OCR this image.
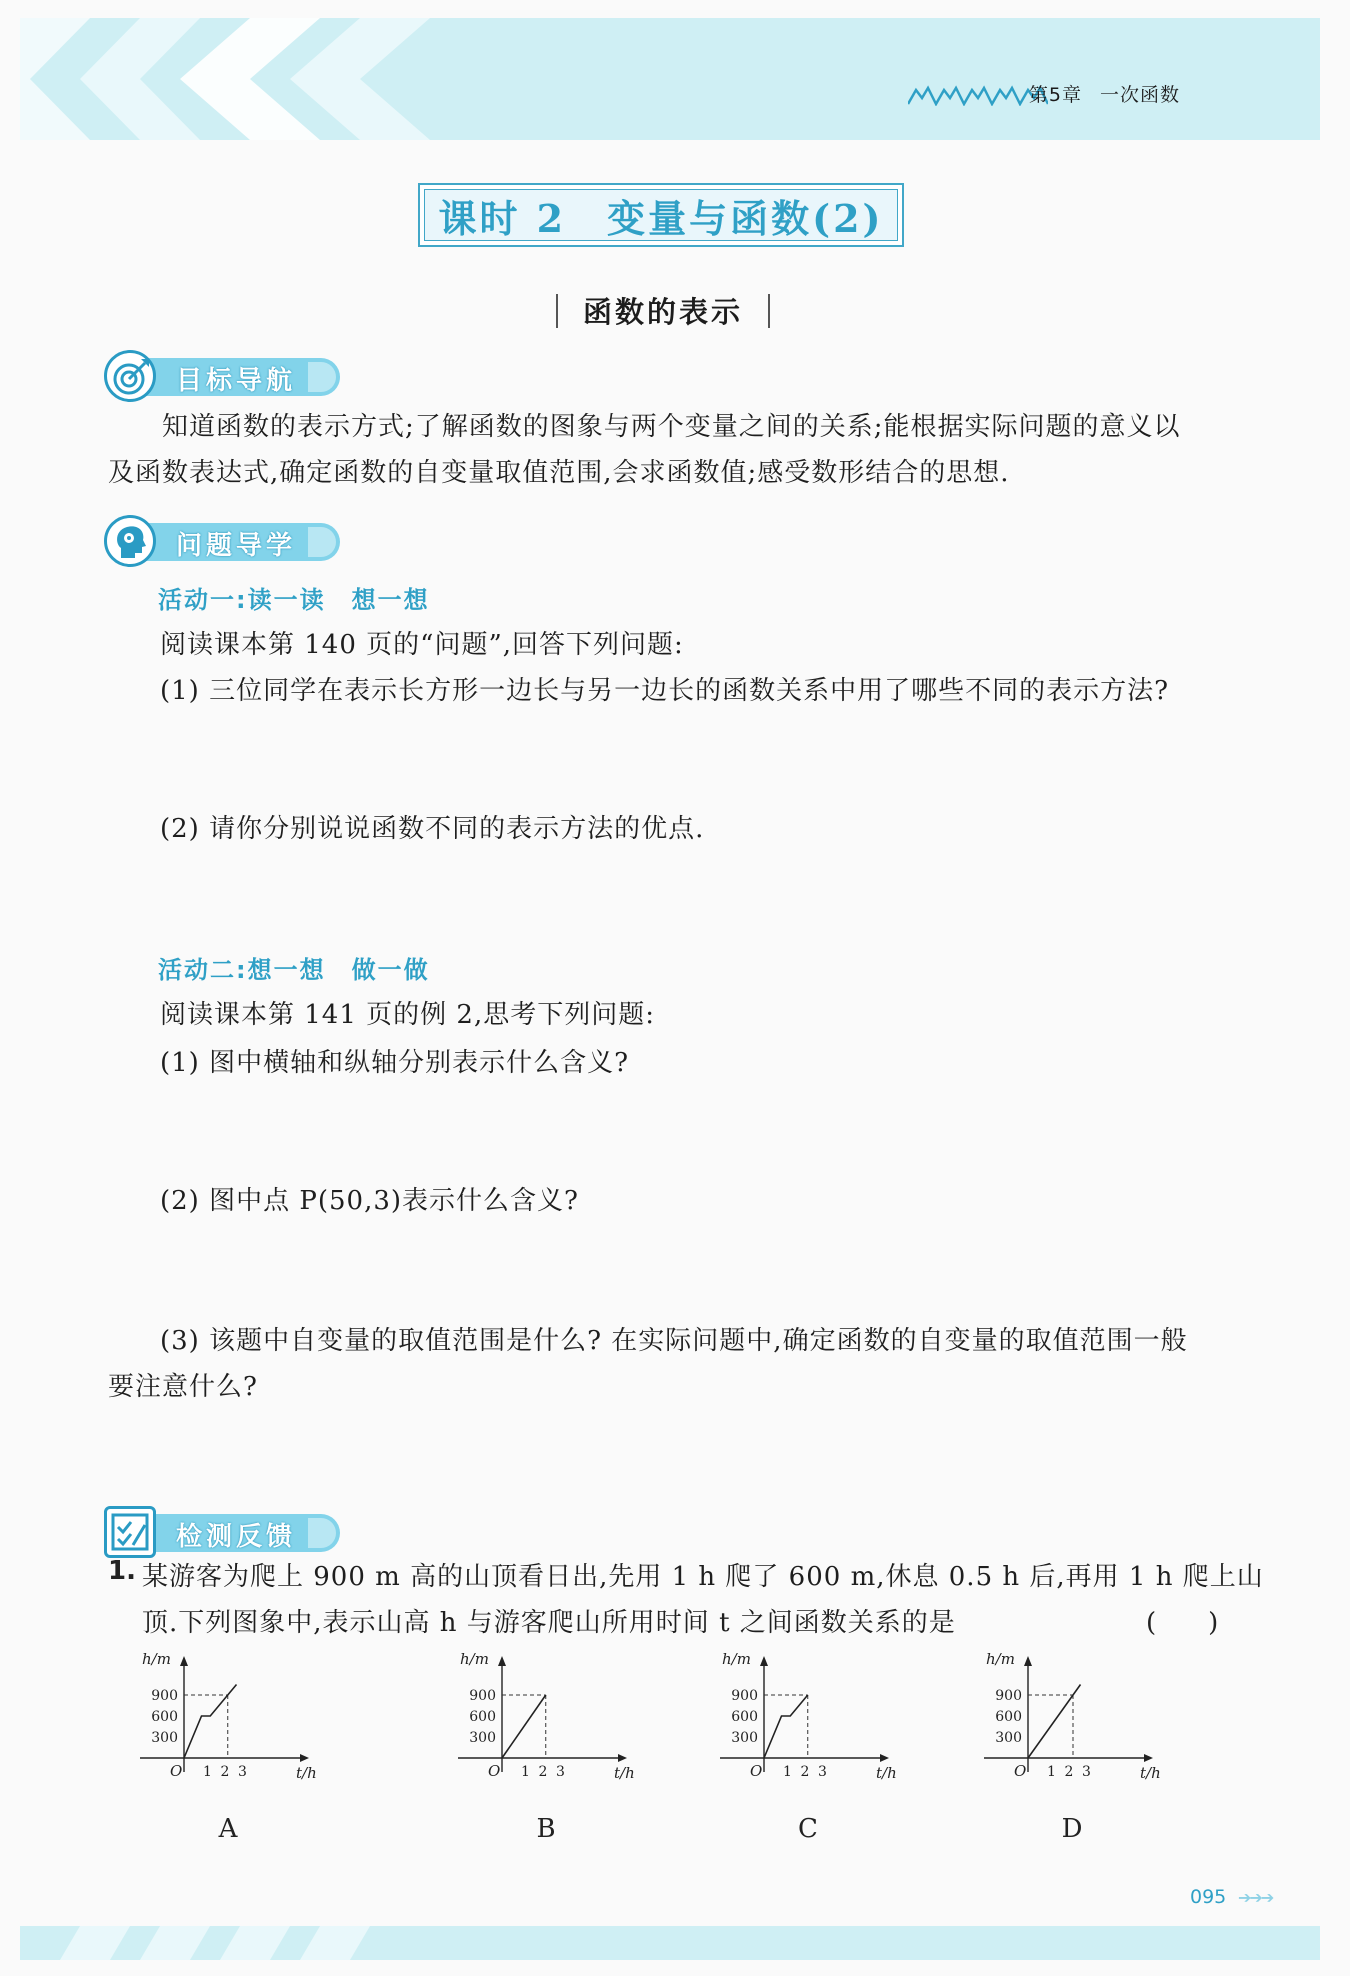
第5章 一次函数
课时 2　变量与函数(2)
函数的表示
目标导航
知道函数的表示方式;了解函数的图象与两个变量之间的关系;能根据实际问题的意义以
及函数表达式,确定函数的自变量取值范围,会求函数值;感受数形结合的思想.
问题导学
活动一:读一读　想一想
阅读课本第 140 页的“问题”,回答下列问题:
(1) 三位同学在表示长方形一边长与另一边长的函数关系中用了哪些不同的表示方法?
(2) 请你分别说说函数不同的表示方法的优点.
活动二:想一想　做一做
阅读课本第 141 页的例 2,思考下列问题:
(1) 图中横轴和纵轴分别表示什么含义?
(2) 图中点 P(50,3)表示什么含义?
(3) 该题中自变量的取值范围是什么? 在实际问题中,确定函数的自变量的取值范围一般
要注意什么?
检测反馈
1. 某游客为爬上 900 m 高的山顶看日出,先用 1 h 爬了 600 m,休息 0.5 h 后,再用 1 h 爬上山
顶.下列图象中,表示山高 h 与游客爬山所用时间 t 之间函数关系的是	(　　)
h/m
t/h
O
900
600
300
1 2 3
h/m
t/h
O
900
600
300
1 2 3
h/m
t/h
O
900
600
300
1 2 3
h/m
t/h
O
900
600
300
1 2 3
A	B	C	D
095 ➔➔➔
